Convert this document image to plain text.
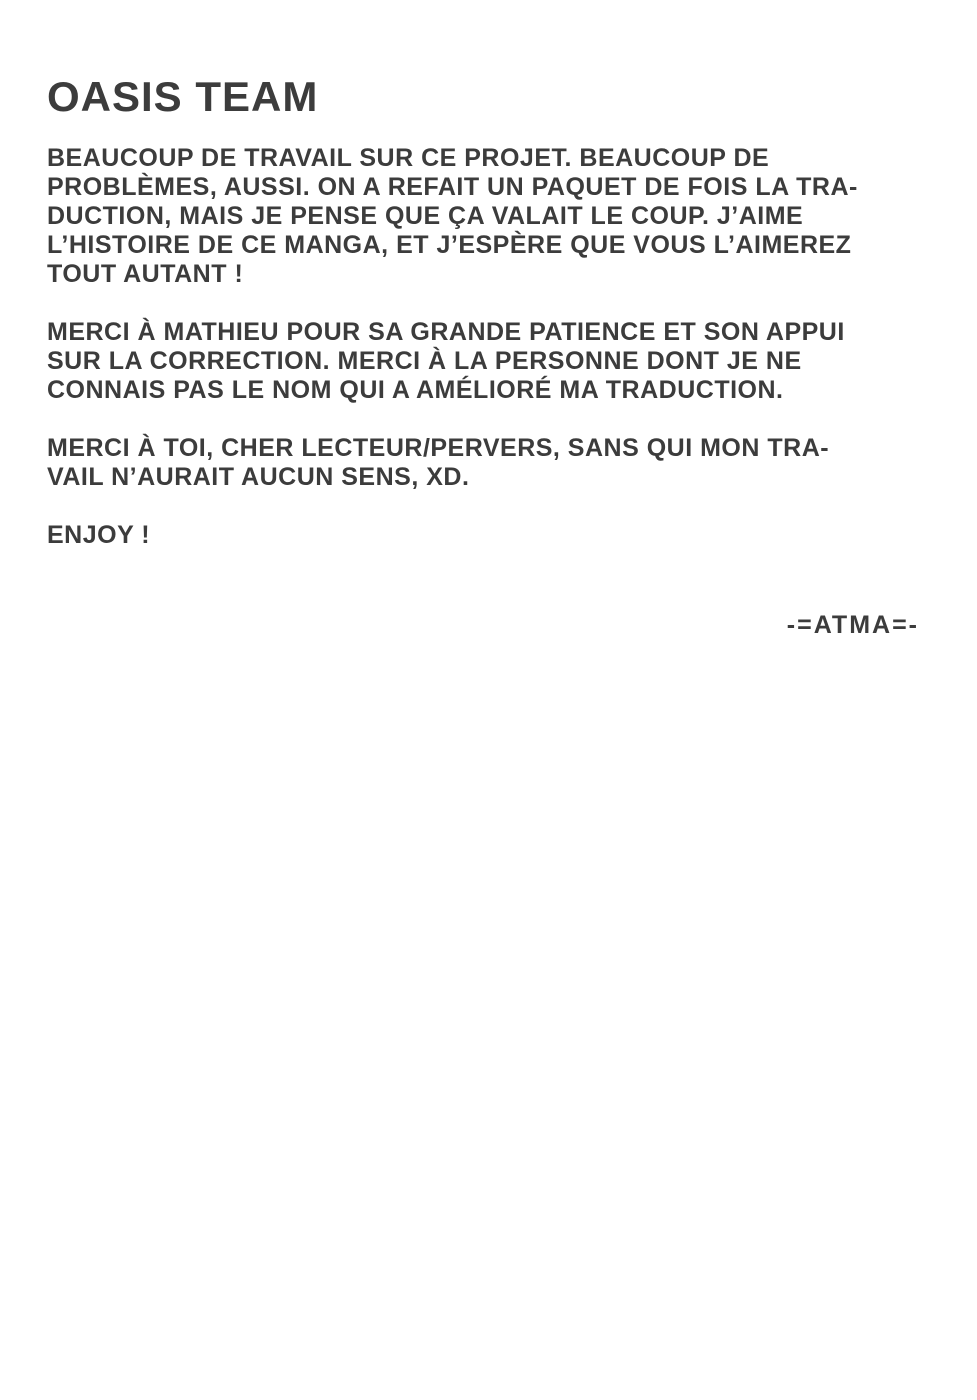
OASIS TEAM
BEAUCOUP DE TRAVAIL SUR CE PROJET. BEAUCOUP DE
PROBLÈMES, AUSSI. ON A REFAIT UN PAQUET DE FOIS LA TRA-
DUCTION, MAIS JE PENSE QUE ÇA VALAIT LE COUP. J’AIME
L’HISTOIRE DE CE MANGA, ET J’ESPÈRE QUE VOUS L’AIMEREZ
TOUT AUTANT !
MERCI À MATHIEU POUR SA GRANDE PATIENCE ET SON APPUI
SUR LA CORRECTION. MERCI À LA PERSONNE DONT JE NE
CONNAIS PAS LE NOM QUI A AMÉLIORÉ MA TRADUCTION.
MERCI À TOI, CHER LECTEUR/PERVERS, SANS QUI MON TRA-
VAIL N’AURAIT AUCUN SENS, XD.
ENJOY !
-=ATMA=-
